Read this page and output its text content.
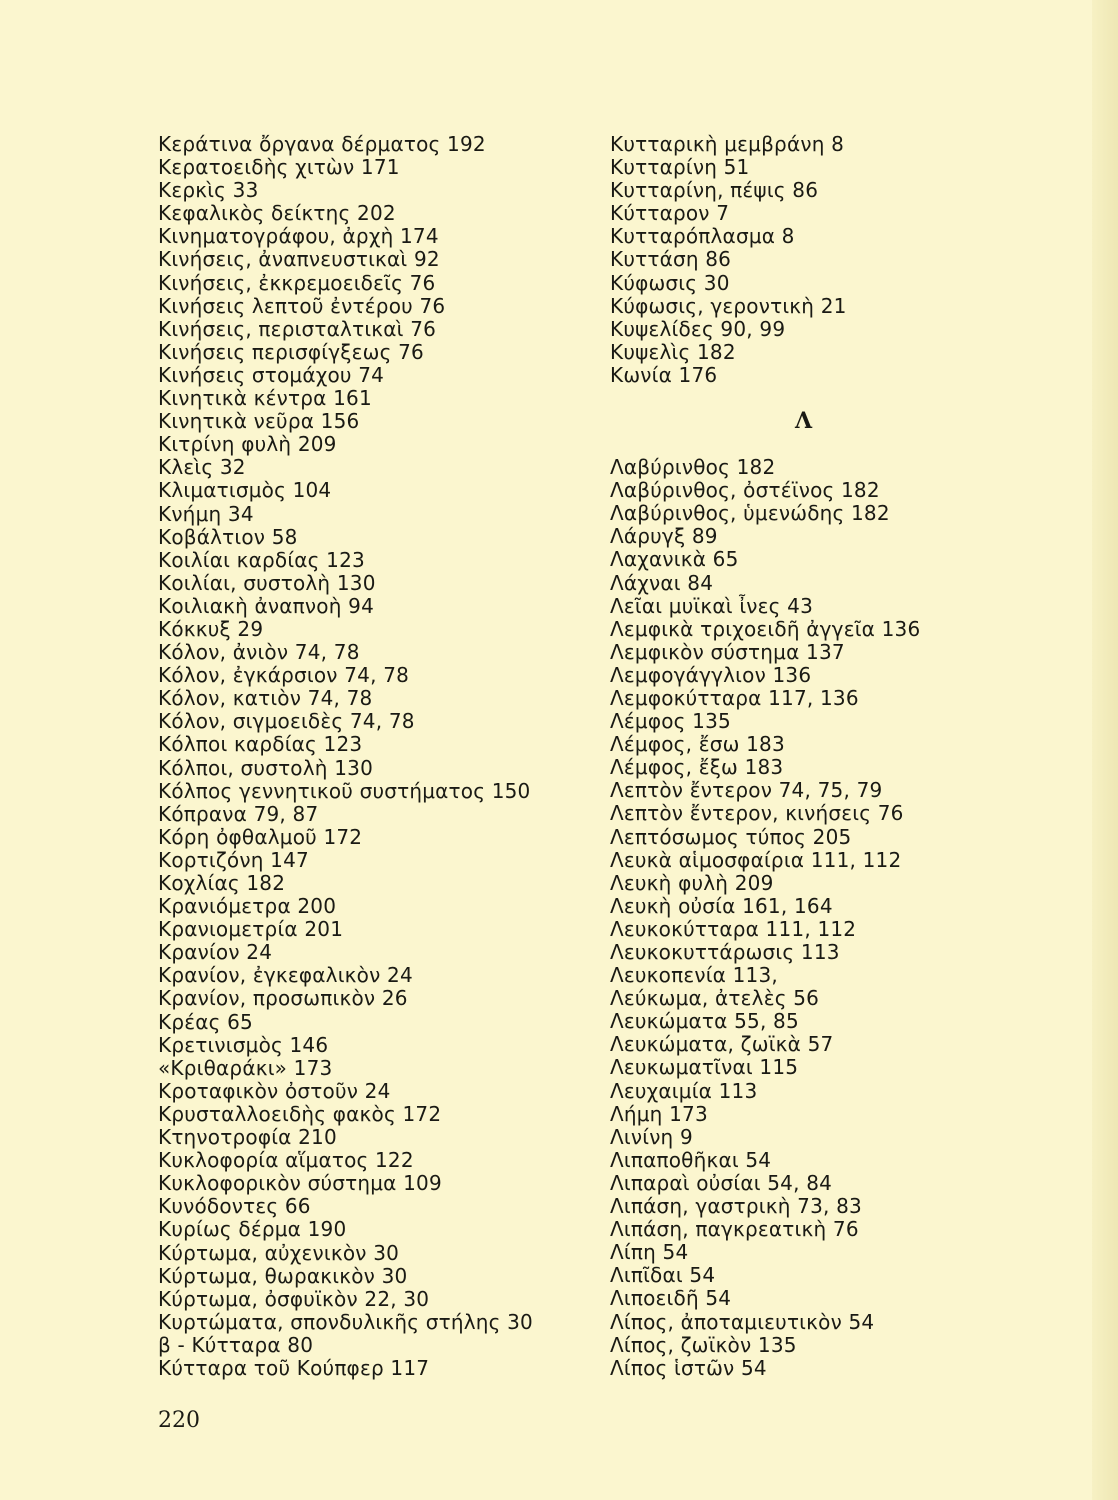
Κεράτινα ὄργανα δέρματος 192
Κερατοειδὴς χιτὼν 171
Κερκὶς 33
Κεφαλικὸς δείκτης 202
Κινηματογράφου, ἀρχὴ 174
Κινήσεις, ἀναπνευστικαὶ 92
Κινήσεις, ἐκκρεμοειδεῖς 76
Κινήσεις λεπτοῦ ἐντέρου 76
Κινήσεις, περισταλτικαὶ 76
Κινήσεις περισφίγξεως 76
Κινήσεις στομάχου 74
Κινητικὰ κέντρα 161
Κινητικὰ νεῦρα 156
Κιτρίνη φυλὴ 209
Κλεὶς 32
Κλιματισμὸς 104
Κνήμη 34
Κοβάλτιον 58
Κοιλίαι καρδίας 123
Κοιλίαι, συστολὴ 130
Κοιλιακὴ ἀναπνοὴ 94
Κόκκυξ 29
Κόλον, ἀνιὸν 74, 78
Κόλον, ἐγκάρσιον 74, 78
Κόλον, κατιὸν 74, 78
Κόλον, σιγμοειδὲς 74, 78
Κόλποι καρδίας 123
Κόλποι, συστολὴ 130
Κόλπος γεννητικοῦ συστήματος 150
Κόπρανα 79, 87
Κόρη ὀφθαλμοῦ 172
Κορτιζόνη 147
Κοχλίας 182
Κρανιόμετρα 200
Κρανιομετρία 201
Κρανίον 24
Κρανίον, ἐγκεφαλικὸν 24
Κρανίον, προσωπικὸν 26
Κρέας 65
Κρετινισμὸς 146
«Κριθαράκι» 173
Κροταφικὸν ὀστοῦν 24
Κρυσταλλοειδὴς φακὸς 172
Κτηνοτροφία 210
Κυκλοφορία αἵματος 122
Κυκλοφορικὸν σύστημα 109
Κυνόδοντες 66
Κυρίως δέρμα 190
Κύρτωμα, αὐχενικὸν 30
Κύρτωμα, θωρακικὸν 30
Κύρτωμα, ὀσφυϊκὸν 22, 30
Κυρτώματα, σπονδυλικῆς στήλης 30
β - Κύτταρα 80
Κύτταρα τοῦ Κούπφερ 117
Κυτταρικὴ μεμβράνη 8
Κυτταρίνη 51
Κυτταρίνη, πέψις 86
Κύτταρον 7
Κυτταρόπλασμα 8
Κυττάση 86
Κύφωσις 30
Κύφωσις, γεροντικὴ 21
Κυψελίδες 90, 99
Κυψελὶς 182
Κωνία 176
Λ
Λαβύρινθος 182
Λαβύρινθος, ὀστέϊνος 182
Λαβύρινθος, ὑμενώδης 182
Λάρυγξ 89
Λαχανικὰ 65
Λάχναι 84
Λεῖαι μυϊκαὶ ἶνες 43
Λεμφικὰ τριχοειδῆ ἀγγεῖα 136
Λεμφικὸν σύστημα 137
Λεμφογάγγλιον 136
Λεμφοκύτταρα 117, 136
Λέμφος 135
Λέμφος, ἔσω 183
Λέμφος, ἔξω 183
Λεπτὸν ἔντερον 74, 75, 79
Λεπτὸν ἔντερον, κινήσεις 76
Λεπτόσωμος τύπος 205
Λευκὰ αἱμοσφαίρια 111, 112
Λευκὴ φυλὴ 209
Λευκὴ οὐσία 161, 164
Λευκοκύτταρα 111, 112
Λευκοκυττάρωσις 113
Λευκοπενία 113,
Λεύκωμα, ἀτελὲς 56
Λευκώματα 55, 85
Λευκώματα, ζωϊκὰ 57
Λευκωματῖναι 115
Λευχαιμία 113
Λήμη 173
Λινίνη 9
Λιπαποθῆκαι 54
Λιπαραὶ οὐσίαι 54, 84
Λιπάση, γαστρικὴ 73, 83
Λιπάση, παγκρεατικὴ 76
Λίπη 54
Λιπῖδαι 54
Λιποειδῆ 54
Λίπος, ἀποταμιευτικὸν 54
Λίπος, ζωϊκὸν 135
Λίπος ἱστῶν 54
220
